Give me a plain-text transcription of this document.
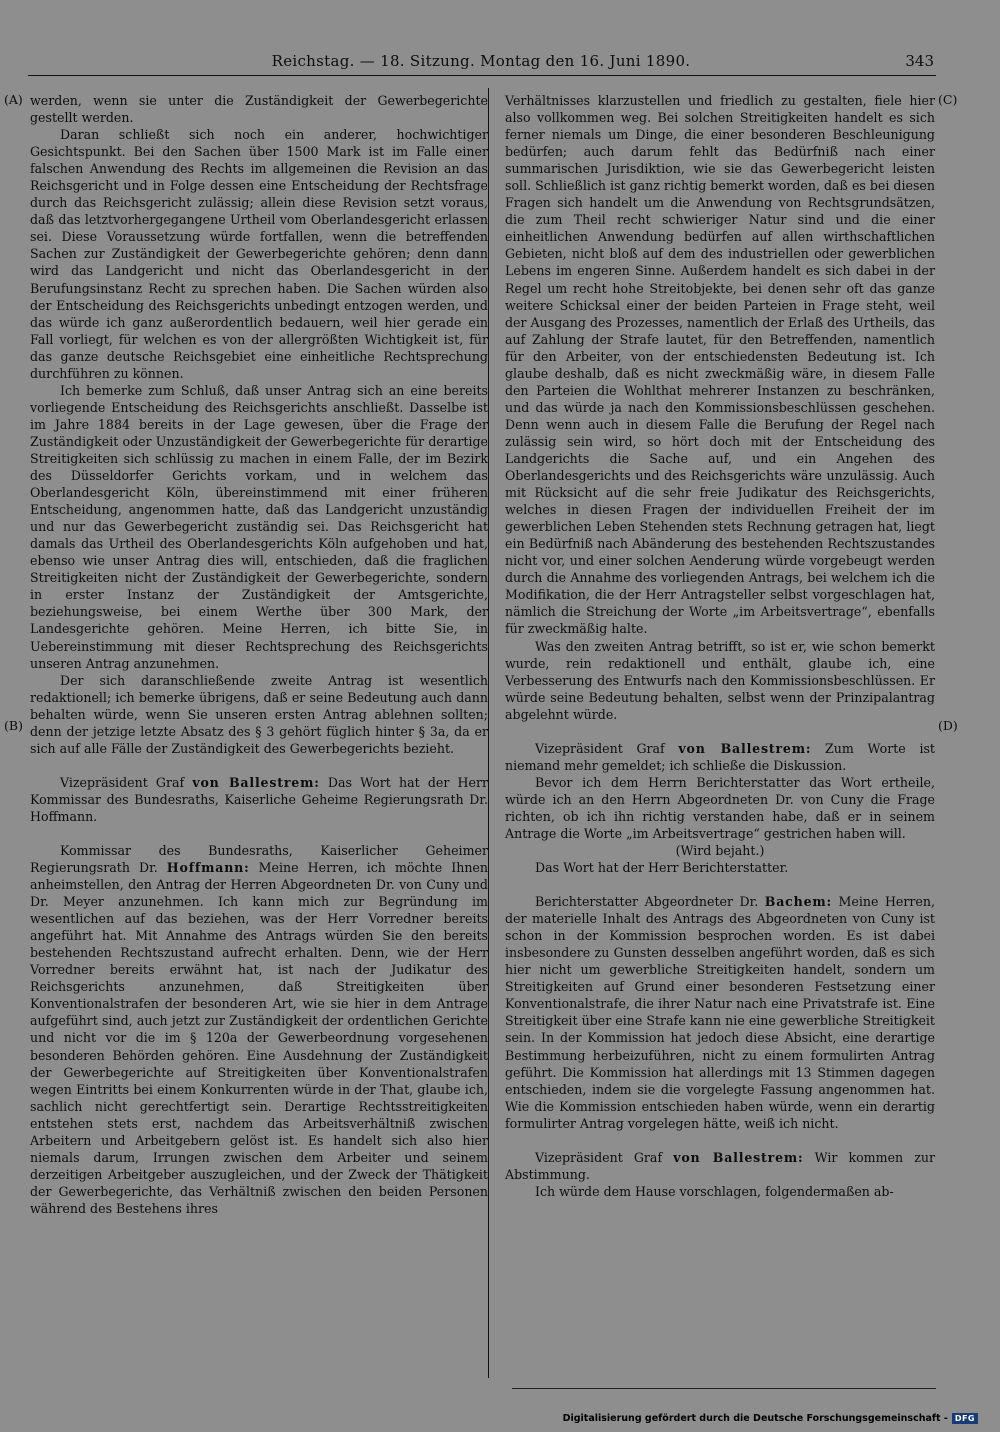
Reichstag. — 18. Sitzung. Montag den 16. Juni 1890.	343
(A)
(B)
(C)
(D)

werden, wenn sie unter die Zuständigkeit der Gewerbegerichte gestellt werden.

Daran schließt sich noch ein anderer, hochwichtiger Gesichtspunkt. Bei den Sachen über 1500 Mark ist im Falle einer falschen Anwendung des Rechts im allgemeinen die Revision an das Reichsgericht und in Folge dessen eine Entscheidung der Rechtsfrage durch das Reichsgericht zulässig; allein diese Revision setzt voraus, daß das letztvorhergegangene Urtheil vom Oberlandesgericht erlassen sei. Diese Voraussetzung würde fortfallen, wenn die betreffenden Sachen zur Zuständigkeit der Gewerbegerichte gehören; denn dann wird das Landgericht und nicht das Oberlandesgericht in der Berufungsinstanz Recht zu sprechen haben. Die Sachen würden also der Entscheidung des Reichsgerichts unbedingt entzogen werden, und das würde ich ganz außerordentlich bedauern, weil hier gerade ein Fall vorliegt, für welchen es von der allergrößten Wichtigkeit ist, für das ganze deutsche Reichsgebiet eine einheitliche Rechtsprechung durchführen zu können.

Ich bemerke zum Schluß, daß unser Antrag sich an eine bereits vorliegende Entscheidung des Reichsgerichts anschließt. Dasselbe ist im Jahre 1884 bereits in der Lage gewesen, über die Frage der Zuständigkeit oder Unzuständigkeit der Gewerbegerichte für derartige Streitigkeiten sich schlüssig zu machen in einem Falle, der im Bezirk des Düsseldorfer Gerichts vorkam, und in welchem das Oberlandesgericht Köln, übereinstimmend mit einer früheren Entscheidung, angenommen hatte, daß das Landgericht unzuständig und nur das Gewerbegericht zuständig sei. Das Reichsgericht hat damals das Urtheil des Oberlandesgerichts Köln aufgehoben und hat, ebenso wie unser Antrag dies will, entschieden, daß die fraglichen Streitigkeiten nicht der Zuständigkeit der Gewerbegerichte, sondern in erster Instanz der Zuständigkeit der Amtsgerichte, beziehungsweise, bei einem Werthe über 300 Mark, der Landesgerichte gehören. Meine Herren, ich bitte Sie, in Uebereinstimmung mit dieser Rechtsprechung des Reichsgerichts unseren Antrag anzunehmen.

Der sich daranschließende zweite Antrag ist wesentlich redaktionell; ich bemerke übrigens, daß er seine Bedeutung auch dann behalten würde, wenn Sie unseren ersten Antrag ablehnen sollten; denn der jetzige letzte Absatz des § 3 gehört füglich hinter § 3a, da er sich auf alle Fälle der Zuständigkeit des Gewerbegerichts bezieht.

Vizepräsident Graf von Ballestrem: Das Wort hat der Herr Kommissar des Bundesraths, Kaiserliche Geheime Regierungsrath Dr. Hoffmann.

Kommissar des Bundesraths, Kaiserlicher Geheimer Regierungsrath Dr. Hoffmann: Meine Herren, ich möchte Ihnen anheimstellen, den Antrag der Herren Abgeordneten Dr. von Cuny und Dr. Meyer anzunehmen. Ich kann mich zur Begründung im wesentlichen auf das beziehen, was der Herr Vorredner bereits angeführt hat. Mit Annahme des Antrags würden Sie den bereits bestehenden Rechtszustand aufrecht erhalten. Denn, wie der Herr Vorredner bereits erwähnt hat, ist nach der Judikatur des Reichsgerichts anzunehmen, daß Streitigkeiten über Konventionalstrafen der besonderen Art, wie sie hier in dem Antrage aufgeführt sind, auch jetzt zur Zuständigkeit der ordentlichen Gerichte und nicht vor die im § 120a der Gewerbeordnung vorgesehenen besonderen Behörden gehören. Eine Ausdehnung der Zuständigkeit der Gewerbegerichte auf Streitigkeiten über Konventionalstrafen wegen Eintritts bei einem Konkurrenten würde in der That, glaube ich, sachlich nicht gerechtfertigt sein. Derartige Rechtsstreitigkeiten entstehen stets erst, nachdem das Arbeitsverhältniß zwischen Arbeitern und Arbeitgebern gelöst ist. Es handelt sich also hier niemals darum, Irrungen zwischen dem Arbeiter und seinem derzeitigen Arbeitgeber auszugleichen, und der Zweck der Thätigkeit der Gewerbegerichte, das Verhältniß zwischen den beiden Personen während des Bestehens ihres

Verhältnisses klarzustellen und friedlich zu gestalten, fiele hier also vollkommen weg. Bei solchen Streitigkeiten handelt es sich ferner niemals um Dinge, die einer besonderen Beschleunigung bedürfen; auch darum fehlt das Bedürfniß nach einer summarischen Jurisdiktion, wie sie das Gewerbegericht leisten soll. Schließlich ist ganz richtig bemerkt worden, daß es bei diesen Fragen sich handelt um die Anwendung von Rechtsgrundsätzen, die zum Theil recht schwieriger Natur sind und die einer einheitlichen Anwendung bedürfen auf allen wirthschaftlichen Gebieten, nicht bloß auf dem des industriellen oder gewerblichen Lebens im engeren Sinne. Außerdem handelt es sich dabei in der Regel um recht hohe Streitobjekte, bei denen sehr oft das ganze weitere Schicksal einer der beiden Parteien in Frage steht, weil der Ausgang des Prozesses, namentlich der Erlaß des Urtheils, das auf Zahlung der Strafe lautet, für den Betreffenden, namentlich für den Arbeiter, von der entschiedensten Bedeutung ist. Ich glaube deshalb, daß es nicht zweckmäßig wäre, in diesem Falle den Parteien die Wohlthat mehrerer Instanzen zu beschränken, und das würde ja nach den Kommissionsbeschlüssen geschehen. Denn wenn auch in diesem Falle die Berufung der Regel nach zulässig sein wird, so hört doch mit der Entscheidung des Landgerichts die Sache auf, und ein Angehen des Oberlandesgerichts und des Reichsgerichts wäre unzulässig. Auch mit Rücksicht auf die sehr freie Judikatur des Reichsgerichts, welches in diesen Fragen der individuellen Freiheit der im gewerblichen Leben Stehenden stets Rechnung getragen hat, liegt ein Bedürfniß nach Abänderung des bestehenden Rechtszustandes nicht vor, und einer solchen Aenderung würde vorgebeugt werden durch die Annahme des vorliegenden Antrags, bei welchem ich die Modifikation, die der Herr Antragsteller selbst vorgeschlagen hat, nämlich die Streichung der Worte „im Arbeitsvertrage“, ebenfalls für zweckmäßig halte.

Was den zweiten Antrag betrifft, so ist er, wie schon bemerkt wurde, rein redaktionell und enthält, glaube ich, eine Verbesserung des Entwurfs nach den Kommissionsbeschlüssen. Er würde seine Bedeutung behalten, selbst wenn der Prinzipalantrag abgelehnt würde.

Vizepräsident Graf von Ballestrem: Zum Worte ist niemand mehr gemeldet; ich schließe die Diskussion.

Bevor ich dem Herrn Berichterstatter das Wort ertheile, würde ich an den Herrn Abgeordneten Dr. von Cuny die Frage richten, ob ich ihn richtig verstanden habe, daß er in seinem Antrage die Worte „im Arbeitsvertrage“ gestrichen haben will.

(Wird bejaht.)

Das Wort hat der Herr Berichterstatter.

Berichterstatter Abgeordneter Dr. Bachem: Meine Herren, der materielle Inhalt des Antrags des Abgeordneten von Cuny ist schon in der Kommission besprochen worden. Es ist dabei insbesondere zu Gunsten desselben angeführt worden, daß es sich hier nicht um gewerbliche Streitigkeiten handelt, sondern um Streitigkeiten auf Grund einer besonderen Festsetzung einer Konventionalstrafe, die ihrer Natur nach eine Privatstrafe ist. Eine Streitigkeit über eine Strafe kann nie eine gewerbliche Streitigkeit sein. In der Kommission hat jedoch diese Absicht, eine derartige Bestimmung herbeizuführen, nicht zu einem formulirten Antrag geführt. Die Kommission hat allerdings mit 13 Stimmen dagegen entschieden, indem sie die vorgelegte Fassung angenommen hat. Wie die Kommission entschieden haben würde, wenn ein derartig formulirter Antrag vorgelegen hätte, weiß ich nicht.

Vizepräsident Graf von Ballestrem: Wir kommen zur Abstimmung.

Ich würde dem Hause vorschlagen, folgendermaßen ab-

Digitalisierung gefördert durch die Deutsche Forschungsgemeinschaft - DFG
